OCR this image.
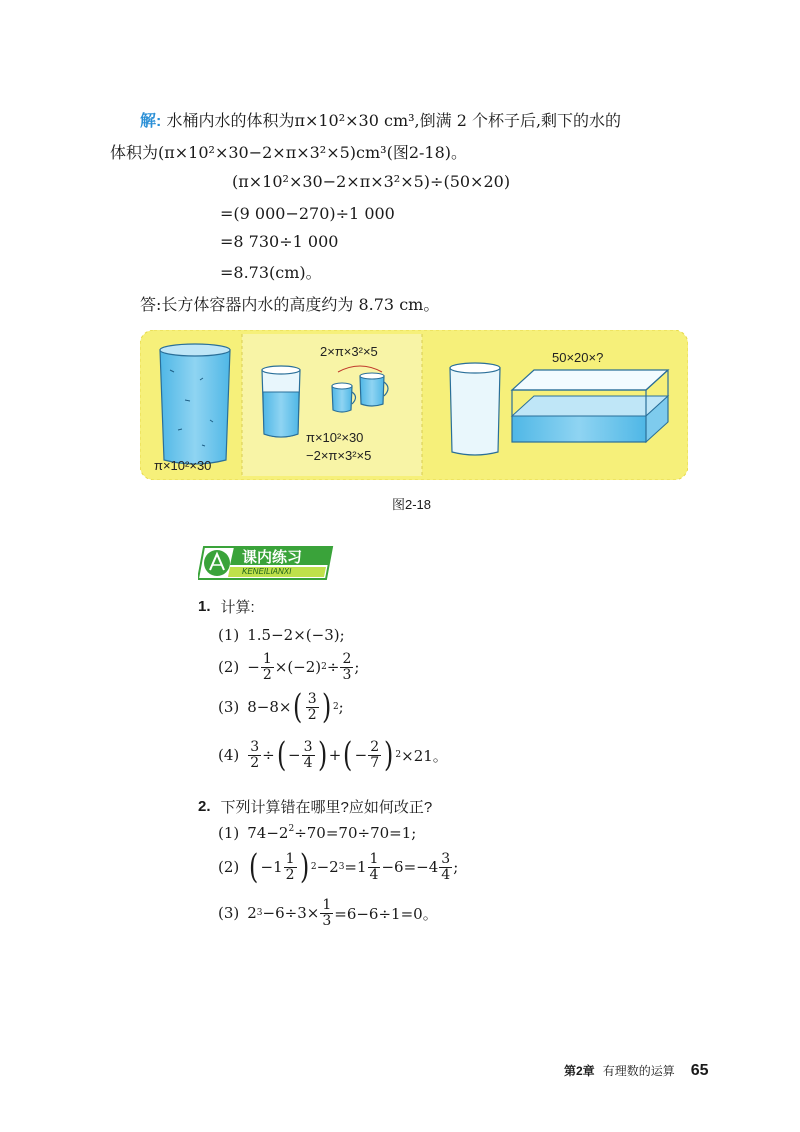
解: 水桶内水的体积为π×10²×30 cm³,倒满 2 个杯子后,剩下的水的
体积为(π×10²×30−2×π×3²×5)cm³(图2-18)。
(π×10²×30−2×π×3²×5)÷(50×20)
=(9 000−270)÷1 000
=8 730÷1 000
=8.73(cm)。
答:长方体容器内水的高度约为 8.73 cm。
π×10²×30
2×π×3²×5
π×10²×30
−2×π×3²×5
50×20×?
图2-18
课内练习
KENEILIANXI
1. 计算:
(1) 1.5−2×(−3);
$(2) - \frac{1}{2} \times(-2) 2 \div \frac{2}{3}$ ;
(3) 8−8× ( $\frac{3}{2}$ ) 2 ;
$(4) \frac{3}{2}$ ÷ ( − $\frac{3}{4}$ ) + ( − $\frac{2}{7}$ ) 2 ×21。
2. 下列计算错在哪里?应如何改正?
(1) $74-2^2\div 70=70\div 70=1$;
(2) ( $-1 \frac{1}{2}$ ) 2 −2 $3 =1 \frac{1}{4} -6=-4 \frac{3}{4}$ ;
(3) 2 $3 -6\div 3\times \frac{1}{3} =6-6\div 1=0$。
第2章 有理数的运算 65
